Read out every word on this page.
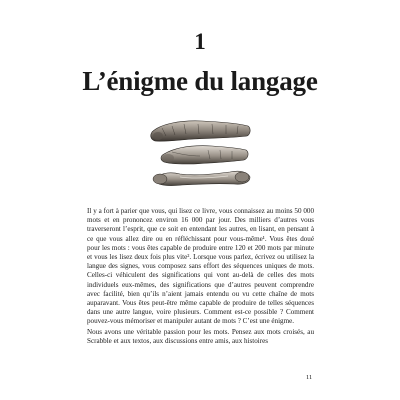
1
L’énigme du langage

Il y a fort à parier que vous, qui lisez ce livre, vous connaissez au moins 50 000 mots et en prononcez environ 16 000 par jour. Des milliers d’autres vous traverseront l’esprit, que ce soit en entendant les autres, en lisant, en pensant à ce que vous allez dire ou en réfléchissant pour vous-même¹. Vous êtes doué pour les mots : vous êtes capable de produire entre 120 et 200 mots par minute et vous les lisez deux fois plus vite². Lorsque vous parlez, écrivez ou utilisez la langue des signes, vous composez sans effort des séquences uniques de mots. Celles-ci véhiculent des significations qui vont au-delà de celles des mots individuels eux-mêmes, des significations que d’autres peuvent comprendre avec facilité, bien qu’ils n’aient jamais entendu ou vu cette chaîne de mots auparavant. Vous êtes peut-être même capable de produire de telles séquences dans une autre langue, voire plusieurs. Comment est-ce possible ? Comment pouvez-vous mémoriser et manipuler autant de mots ? C’est une énigme.

Nous avons une véritable passion pour les mots. Pensez aux mots croisés, au Scrabble et aux textos, aux discussions entre amis, aux histoires

11
